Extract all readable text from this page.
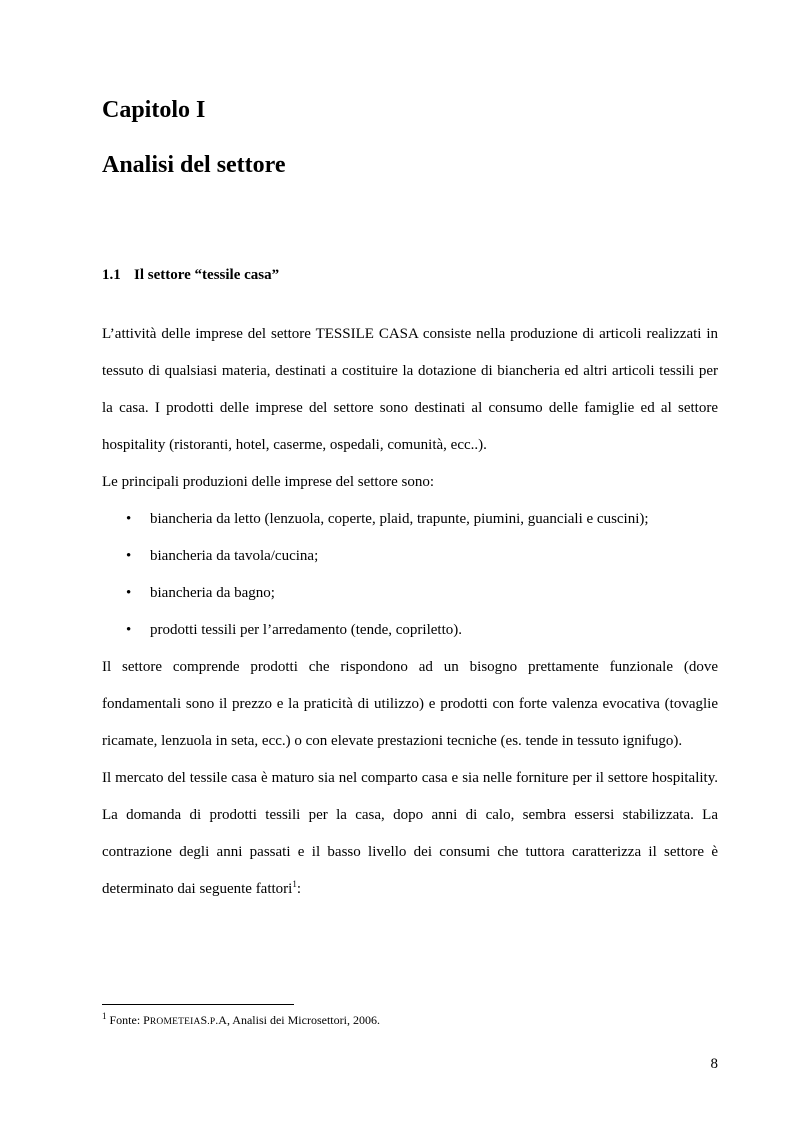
Capitolo I
Analisi del settore
1.1 Il settore “tessile casa”

L’attività delle imprese del settore TESSILE CASA consiste nella produzione di articoli realizzati in tessuto di qualsiasi materia, destinati a costituire la dotazione di biancheria ed altri articoli tessili per la casa. I prodotti delle imprese del settore sono destinati al consumo delle famiglie ed al settore hospitality (ristoranti, hotel, caserme, ospedali, comunità, ecc..).

Le principali produzioni delle imprese del settore sono:

• biancheria da letto (lenzuola, coperte, plaid, trapunte, piumini, guanciali e cuscini);
• biancheria da tavola/cucina;
• biancheria da bagno;
• prodotti tessili per l’arredamento (tende, copriletto).

Il settore comprende prodotti che rispondono ad un bisogno prettamente funzionale (dove fondamentali sono il prezzo e la praticità di utilizzo) e prodotti con forte valenza evocativa (tovaglie ricamate, lenzuola in seta, ecc.) o con elevate prestazioni tecniche (es. tende in tessuto ignifugo).

Il mercato del tessile casa è maturo sia nel comparto casa e sia nelle forniture per il settore hospitality. La domanda di prodotti tessili per la casa, dopo anni di calo, sembra essersi stabilizzata. La contrazione degli anni passati e il basso livello dei consumi che tuttora caratterizza il settore è determinato dai seguente fattori$^1$:

$^1$ Fonte: PROMETEIAS.P.A, Analisi dei Microsettori, 2006.
8
